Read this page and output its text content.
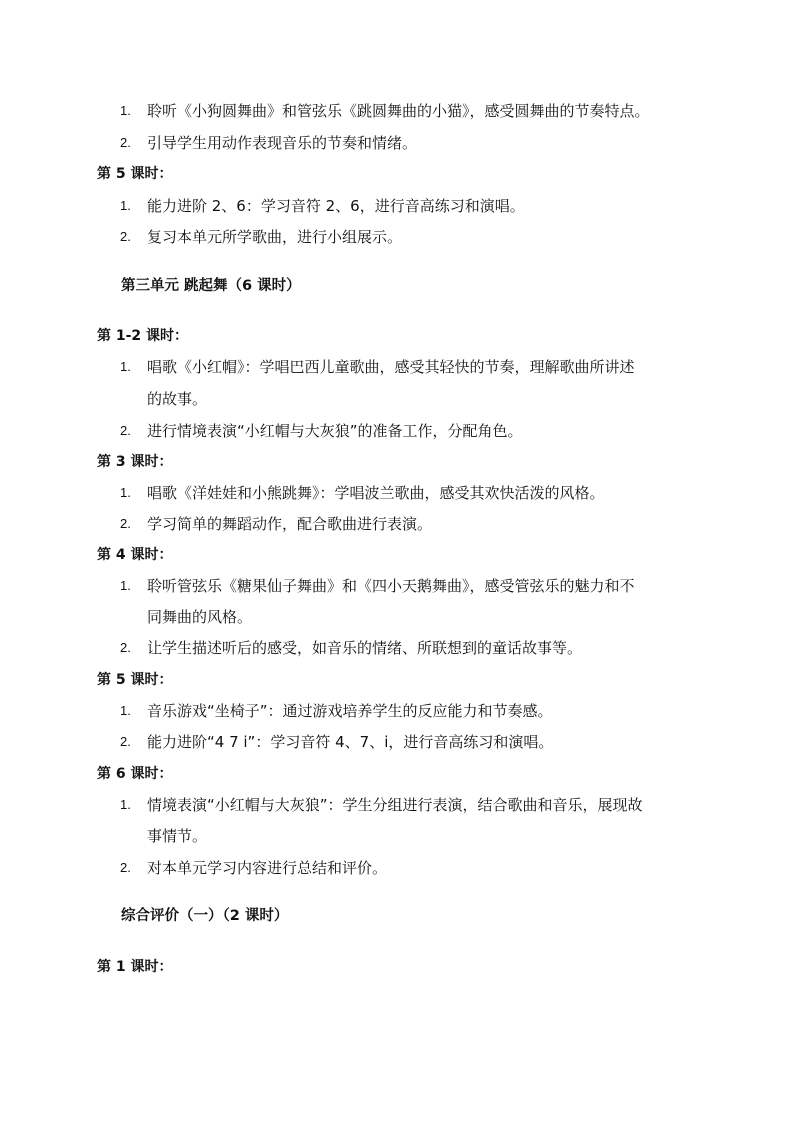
1. 聆听《小狗圆舞曲》和管弦乐《跳圆舞曲的小猫》，感受圆舞曲的节奏特点。
2. 引导学生用动作表现音乐的节奏和情绪。
第 5 课时：
1. 能力进阶 2、6：学习音符 2、6，进行音高练习和演唱。
2. 复习本单元所学歌曲，进行小组展示。
第三单元 跳起舞（6 课时）
第 1-2 课时：
1. 唱歌《小红帽》：学唱巴西儿童歌曲，感受其轻快的节奏，理解歌曲所讲述
的故事。
2. 进行情境表演“小红帽与大灰狼”的准备工作，分配角色。
第 3 课时：
1. 唱歌《洋娃娃和小熊跳舞》：学唱波兰歌曲，感受其欢快活泼的风格。
2. 学习简单的舞蹈动作，配合歌曲进行表演。
第 4 课时：
1. 聆听管弦乐《糖果仙子舞曲》和《四小天鹅舞曲》，感受管弦乐的魅力和不
同舞曲的风格。
2. 让学生描述听后的感受，如音乐的情绪、所联想到的童话故事等。
第 5 课时：
1. 音乐游戏“坐椅子”：通过游戏培养学生的反应能力和节奏感。
2. 能力进阶“4 7 i”：学习音符 4、7、i，进行音高练习和演唱。
第 6 课时：
1. 情境表演“小红帽与大灰狼”：学生分组进行表演，结合歌曲和音乐，展现故
事情节。
2. 对本单元学习内容进行总结和评价。
综合评价（一）（2 课时）
第 1 课时：
